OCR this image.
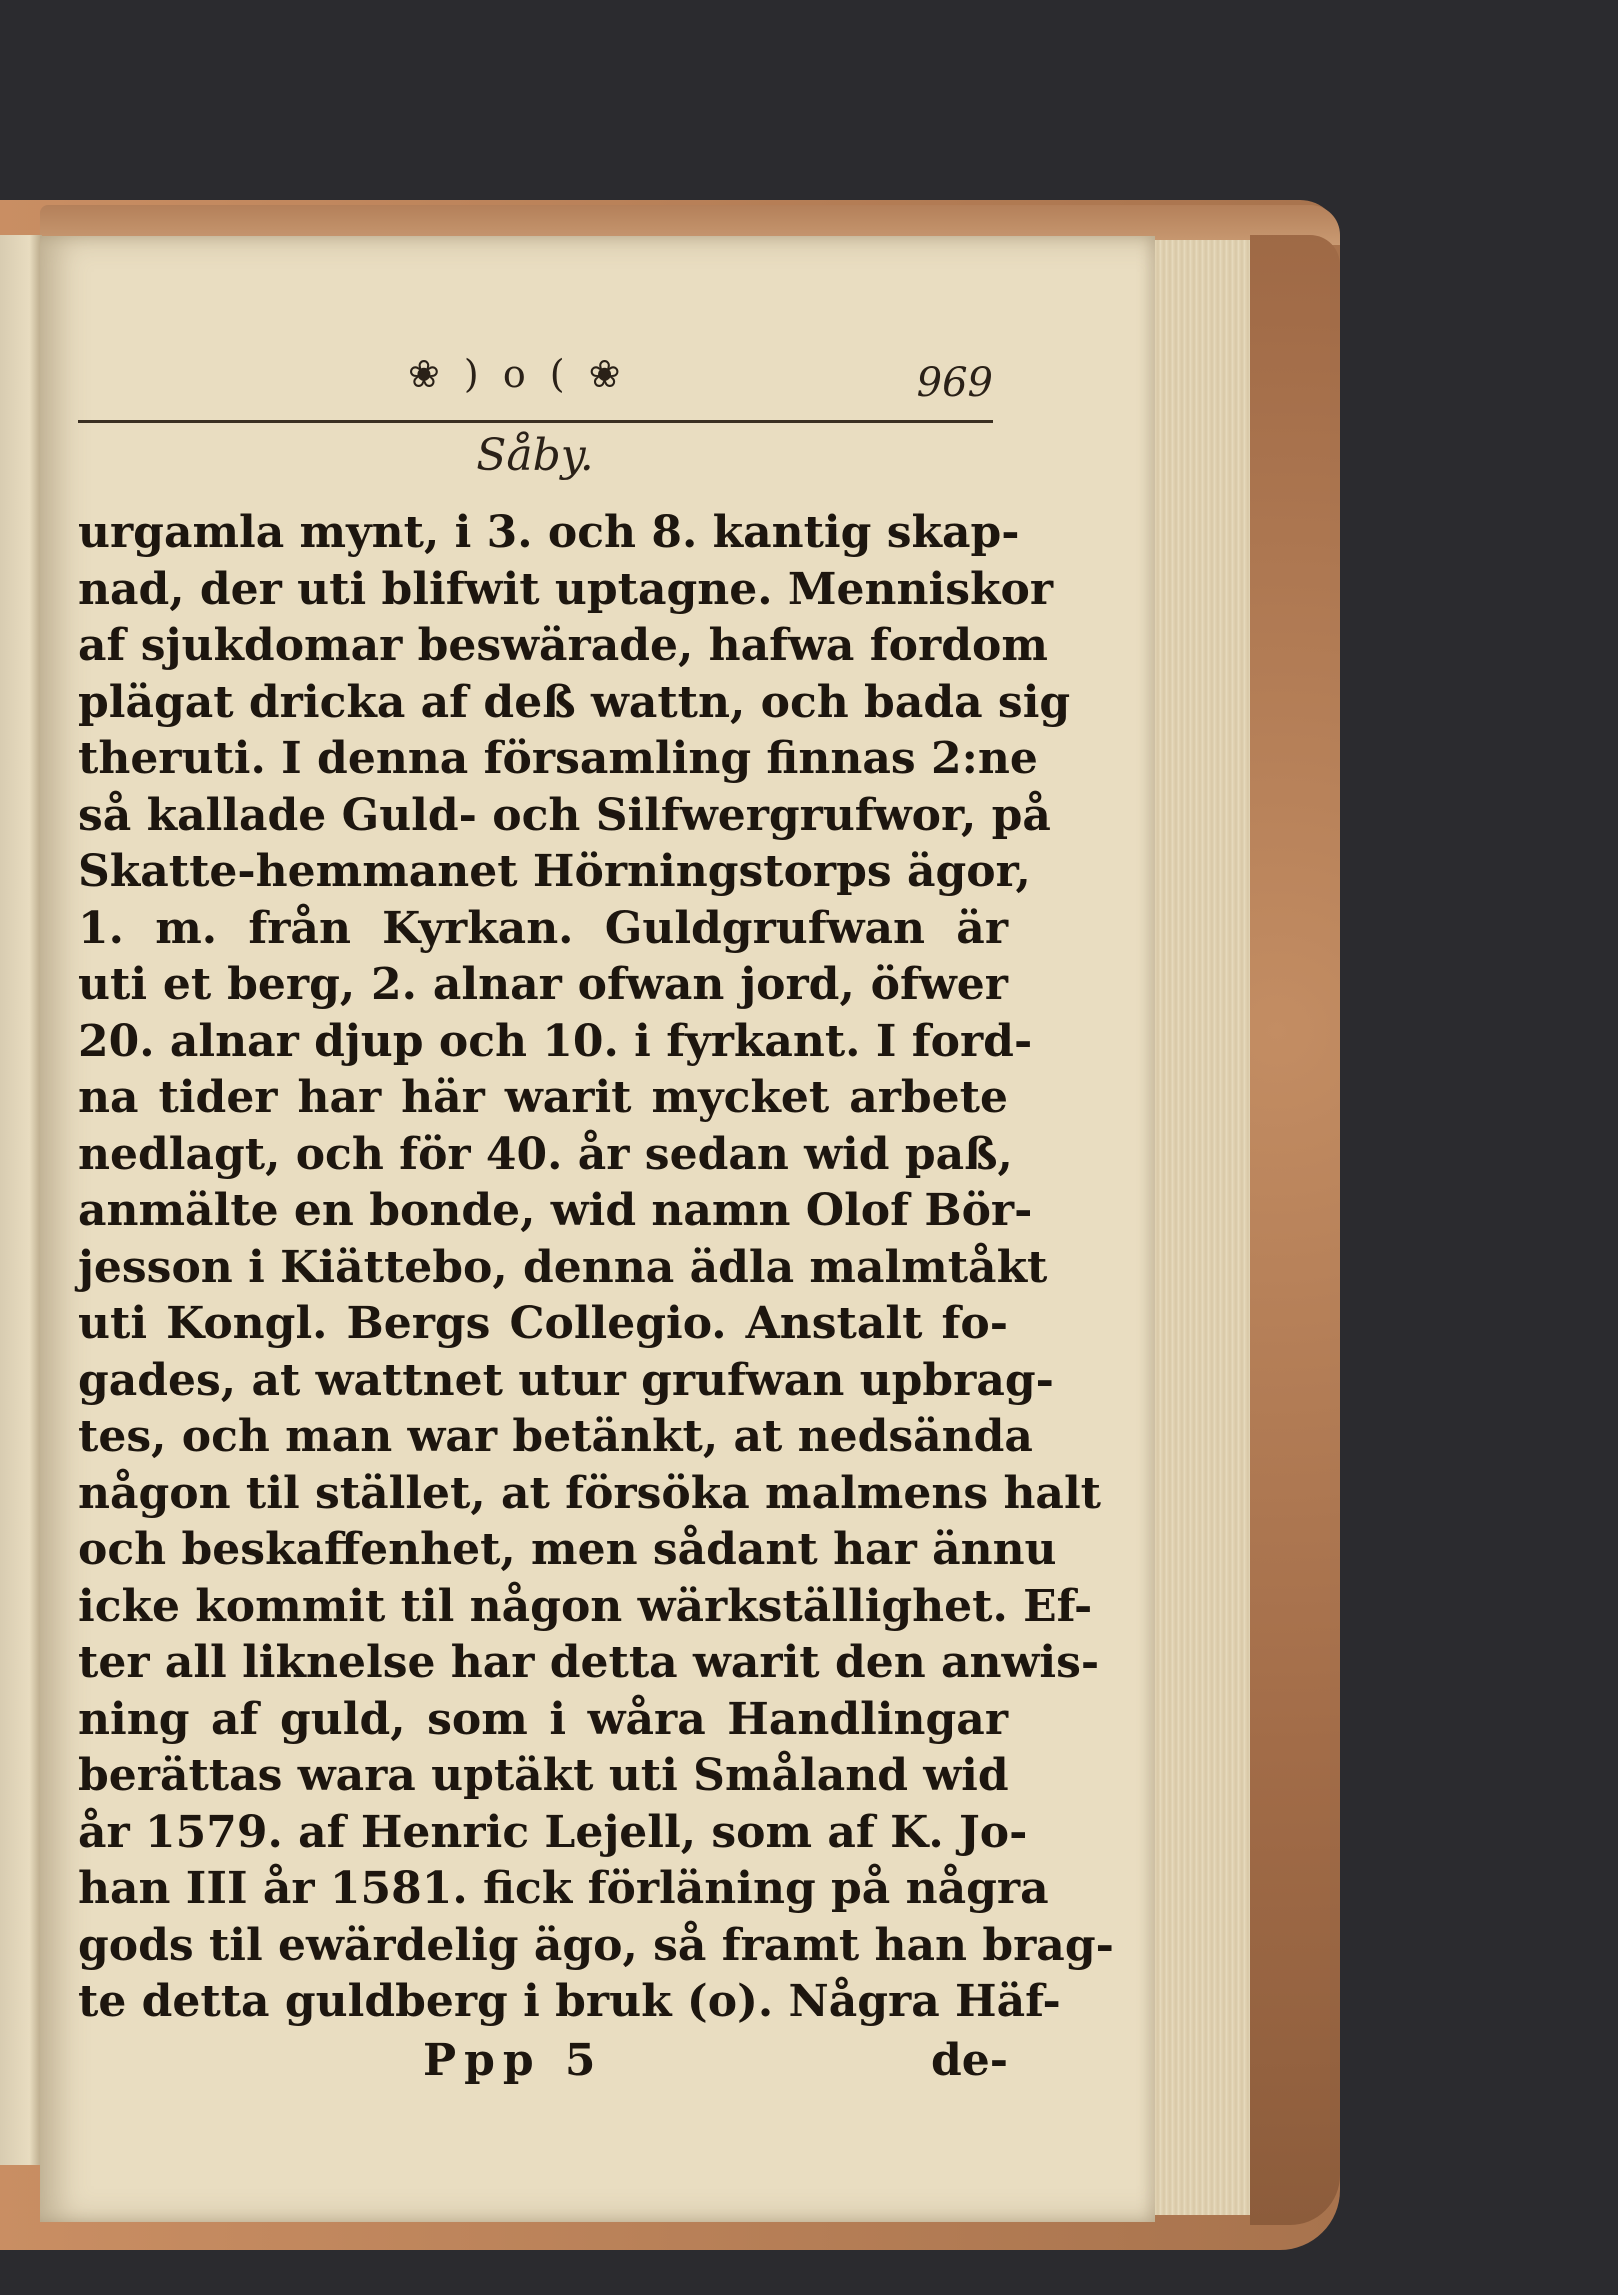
❀ ) o ( ❀	969
Såby.
urgamla mynt, i 3. och 8. kantig skap-
nad, der uti blifwit uptagne. Menniskor
af sjukdomar beswärade, hafwa fordom
plägat dricka af deß wattn, och bada sig
theruti. I denna församling finnas 2:ne
så kallade Guld- och Silfwergrufwor, på
Skatte-hemmanet Hörningstorps ägor,
1. m. från Kyrkan. Guldgrufwan är
uti et berg, 2. alnar ofwan jord, öfwer
20. alnar djup och 10. i fyrkant. I ford-
na tider har här warit mycket arbete
nedlagt, och för 40. år sedan wid paß,
anmälte en bonde, wid namn Olof Bör-
jesson i Kiättebo, denna ädla malmtåkt
uti Kongl. Bergs Collegio. Anstalt fo-
gades, at wattnet utur grufwan upbrag-
tes, och man war betänkt, at nedsända
någon til stället, at försöka malmens halt
och beskaffenhet, men sådant har ännu
icke kommit til någon wärkställighet. Ef-
ter all liknelse har detta warit den anwis-
ning af guld, som i wåra Handlingar
berättas wara uptäkt uti Småland wid
år 1579. af Henric Lejell, som af K. Jo-
han III år 1581. fick förläning på några
gods til ewärdelig ägo, så framt han brag-
te detta guldberg i bruk (o). Några Häf-
Ppp 5	de-
